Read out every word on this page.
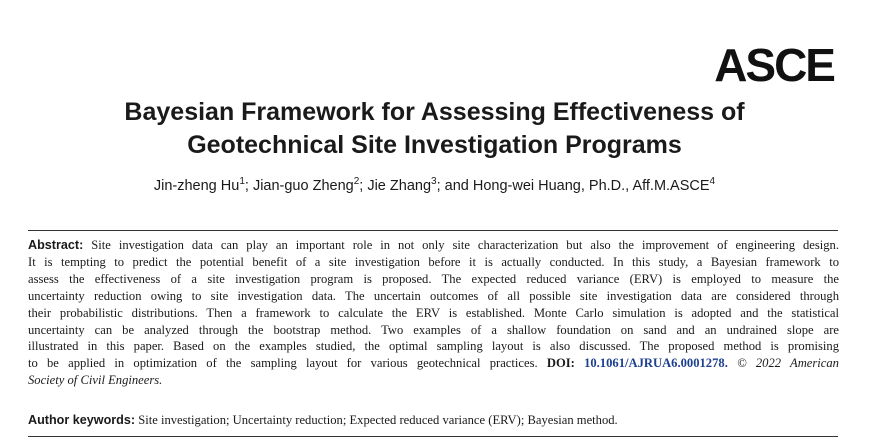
ASCE
Bayesian Framework for Assessing Effectiveness of
Geotechnical Site Investigation Programs
Jin-zheng Hu$^1$; Jian-guo Zheng$^2$; Jie Zhang$^3$; and Hong-wei Huang, Ph.D., Aff.M.ASCE$^4$
Abstract: Site investigation data can play an important role in not only site characterization but also the improvement of engineering design.
It is tempting to predict the potential benefit of a site investigation before it is actually conducted. In this study, a Bayesian framework to
assess the effectiveness of a site investigation program is proposed. The expected reduced variance (ERV) is employed to measure the
uncertainty reduction owing to site investigation data. The uncertain outcomes of all possible site investigation data are considered through
their probabilistic distributions. Then a framework to calculate the ERV is established. Monte Carlo simulation is adopted and the statistical
uncertainty can be analyzed through the bootstrap method. Two examples of a shallow foundation on sand and an undrained slope are
illustrated in this paper. Based on the examples studied, the optimal sampling layout is also discussed. The proposed method is promising
to be applied in optimization of the sampling layout for various geotechnical practices. DOI: 10.1061/AJRUA6.0001278. © 2022 American
Society of Civil Engineers.
Author keywords: Site investigation; Uncertainty reduction; Expected reduced variance (ERV); Bayesian method.
